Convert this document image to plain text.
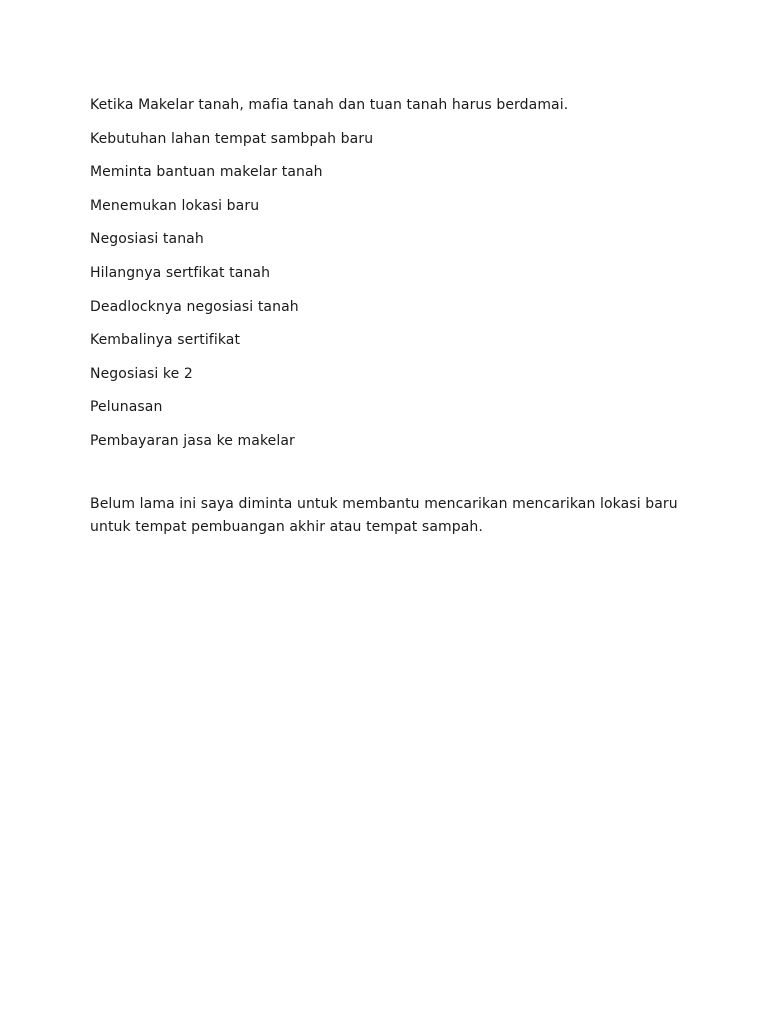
Ketika Makelar tanah, mafia tanah dan tuan tanah harus berdamai.

Kebutuhan lahan tempat sambpah baru
Meminta bantuan makelar tanah
Menemukan lokasi baru
Negosiasi tanah
Hilangnya sertfikat tanah
Deadlocknya negosiasi tanah
Kembalinya sertifikat
Negosiasi ke 2
Pelunasan
Pembayaran jasa ke makelar

Belum lama ini saya diminta untuk membantu mencarikan mencarikan lokasi baru untuk tempat pembuangan akhir atau tempat sampah.
